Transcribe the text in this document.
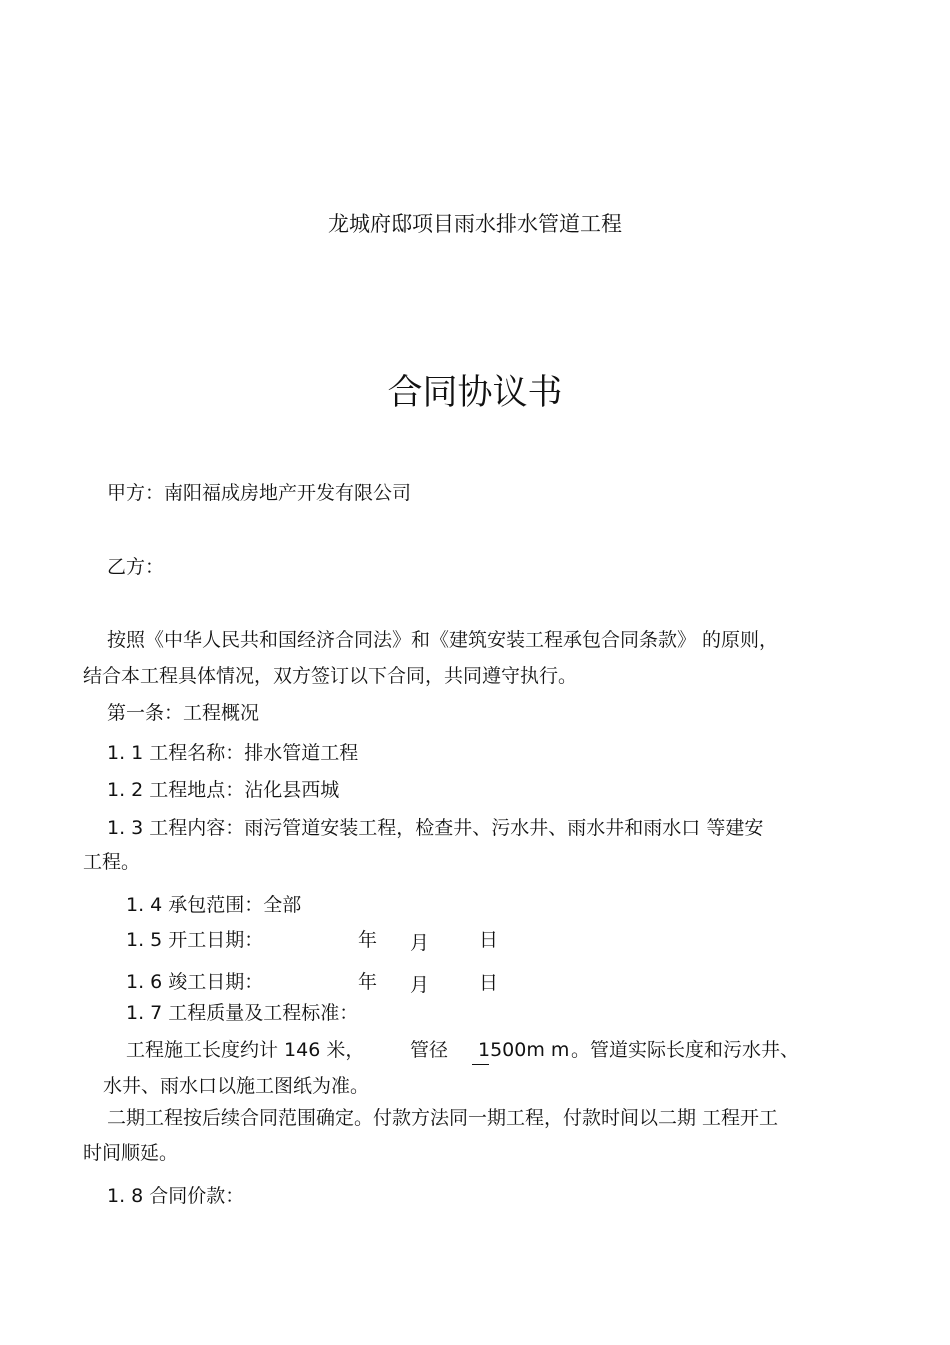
龙城府邸项目雨水排水管道工程
合同协议书
甲方：南阳福成房地产开发有限公司
乙方：
按照《中华人民共和国经济合同法》和《建筑安装工程承包合同条款》 的原则，
结合本工程具体情况，双方签订以下合同，共同遵守执行。
第一条：工程概况
1. 1 工程名称：排水管道工程
1. 2 工程地点：沾化县西城
1. 3 工程内容：雨污管道安装工程，检查井、污水井、雨水井和雨水口 等建安
工程。
1. 4 承包范围：全部
1. 5 开工日期：	年 月	日
1. 6 竣工日期：	年 月	日
1. 7 工程质量及工程标准：
工程施工长度约计 146 米， 管径 1500m m 。管道实际长度和污水井、
水井、雨水口以施工图纸为准。
二期工程按后续合同范围确定。付款方法同一期工程，付款时间以二期 工程开工
时间顺延。
1. 8 合同价款：
